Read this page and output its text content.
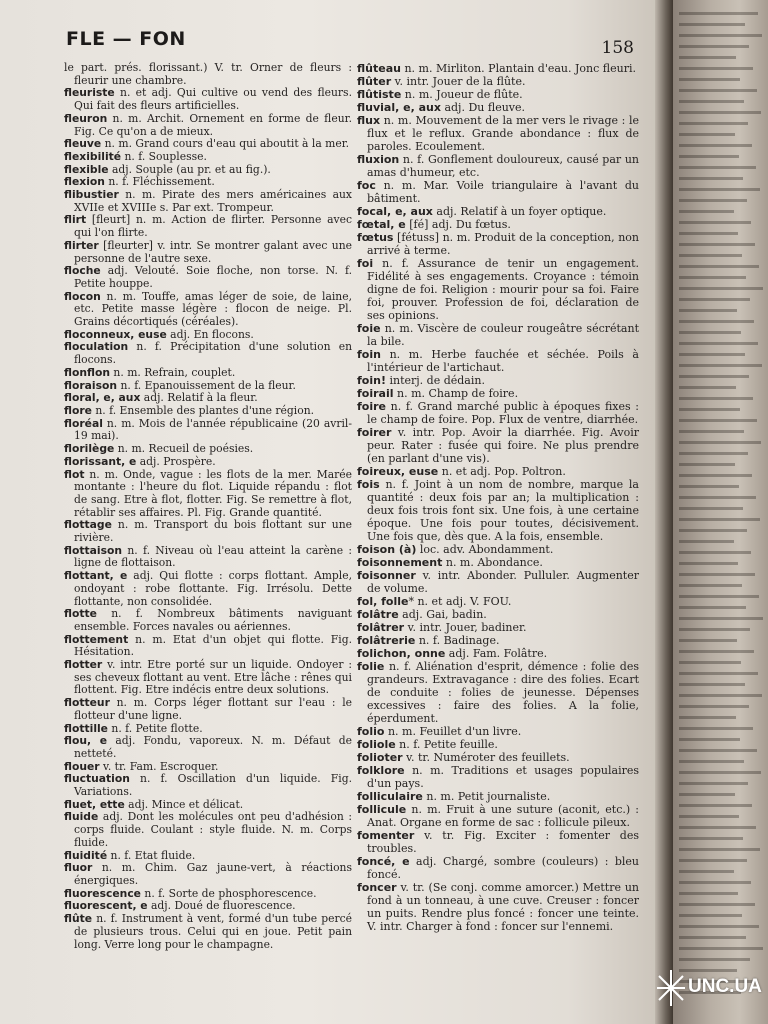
FLE — FON	158

le part. prés. florissant.) V. tr. Orner de fleurs : fleurir une chambre.

fleuriste n. et adj. Qui cultive ou vend des fleurs. Qui fait des fleurs artificielles.

fleuron n. m. Archit. Ornement en forme de fleur. Fig. Ce qu'on a de mieux.

fleuve n. m. Grand cours d'eau qui aboutit à la mer.

flexibilité n. f. Souplesse.

flexible adj. Souple (au pr. et au fig.).

flexion n. f. Fléchissement.

flibustier n. m. Pirate des mers américaines aux XVIIe et XVIIIe s. Par ext. Trompeur.

flirt [fleurt] n. m. Action de flirter. Personne avec qui l'on flirte.

flirter [fleurter] v. intr. Se montrer galant avec une personne de l'autre sexe.

floche adj. Velouté. Soie floche, non torse. N. f. Petite houppe.

flocon n. m. Touffe, amas léger de soie, de laine, etc. Petite masse légère : flocon de neige. Pl. Grains décortiqués (céréales).

floconneux, euse adj. En flocons.

floculation n. f. Précipitation d'une solution en flocons.

flonflon n. m. Refrain, couplet.

floraison n. f. Epanouissement de la fleur.

floral, e, aux adj. Relatif à la fleur.

flore n. f. Ensemble des plantes d'une région.

floréal n. m. Mois de l'année républicaine (20 avril-19 mai).

florilège n. m. Recueil de poésies.

florissant, e adj. Prospère.

flot n. m. Onde, vague : les flots de la mer. Marée montante : l'heure du flot. Liquide répandu : flot de sang. Etre à flot, flotter. Fig. Se remettre à flot, rétablir ses affaires. Pl. Fig. Grande quantité.

flottage n. m. Transport du bois flottant sur une rivière.

flottaison n. f. Niveau où l'eau atteint la carène : ligne de flottaison.

flottant, e adj. Qui flotte : corps flottant. Ample, ondoyant : robe flottante. Fig. Irrésolu. Dette flottante, non consolidée.

flotte n. f. Nombreux bâtiments naviguant ensemble. Forces navales ou aériennes.

flottement n. m. Etat d'un objet qui flotte. Fig. Hésitation.

flotter v. intr. Etre porté sur un liquide. Ondoyer : ses cheveux flottant au vent. Etre lâche : rênes qui flottent. Fig. Etre indécis entre deux solutions.

flotteur n. m. Corps léger flottant sur l'eau : le flotteur d'une ligne.

flottille n. f. Petite flotte.

flou, e adj. Fondu, vaporeux. N. m. Défaut de netteté.

flouer v. tr. Fam. Escroquer.

fluctuation n. f. Oscillation d'un liquide. Fig. Variations.

fluet, ette adj. Mince et délicat.

fluide adj. Dont les molécules ont peu d'adhésion : corps fluide. Coulant : style fluide. N. m. Corps fluide.

fluidité n. f. Etat fluide.

fluor n. m. Chim. Gaz jaune-vert, à réactions énergiques.

fluorescence n. f. Sorte de phosphorescence.

fluorescent, e adj. Doué de fluorescence.

flûte n. f. Instrument à vent, formé d'un tube percé de plusieurs trous. Celui qui en joue. Petit pain long. Verre long pour le champagne.

flûteau n. m. Mirliton. Plantain d'eau. Jonc fleuri.

flûter v. intr. Jouer de la flûte.

flûtiste n. m. Joueur de flûte.

fluvial, e, aux adj. Du fleuve.

flux n. m. Mouvement de la mer vers le rivage : le flux et le reflux. Grande abondance : flux de paroles. Ecoulement.

fluxion n. f. Gonflement douloureux, causé par un amas d'humeur, etc.

foc n. m. Mar. Voile triangulaire à l'avant du bâtiment.

focal, e, aux adj. Relatif à un foyer optique.

fœtal, e [fé] adj. Du fœtus.

fœtus [fétuss] n. m. Produit de la conception, non arrivé à terme.

foi n. f. Assurance de tenir un engagement. Fidélité à ses engagements. Croyance : témoin digne de foi. Religion : mourir pour sa foi. Faire foi, prouver. Profession de foi, déclaration de ses opinions.

foie n. m. Viscère de couleur rougeâtre sécrétant la bile.

foin n. m. Herbe fauchée et séchée. Poils à l'intérieur de l'artichaut.

foin! interj. de dédain.

foirail n. m. Champ de foire.

foire n. f. Grand marché public à époques fixes : le champ de foire. Pop. Flux de ventre, diarrhée.

foirer v. intr. Pop. Avoir la diarrhée. Fig. Avoir peur. Rater : fusée qui foire. Ne plus prendre (en parlant d'une vis).

foireux, euse n. et adj. Pop. Poltron.

fois n. f. Joint à un nom de nombre, marque la quantité : deux fois par an; la multiplication : deux fois trois font six. Une fois, à une certaine époque. Une fois pour toutes, décisivement. Une fois que, dès que. A la fois, ensemble.

foison (à) loc. adv. Abondamment.

foisonnement n. m. Abondance.

foisonner v. intr. Abonder. Pulluler. Augmenter de volume.

fol, folle* n. et adj. V. FOU.

folâtre adj. Gai, badin.

folâtrer v. intr. Jouer, badiner.

folâtrerie n. f. Badinage.

folichon, onne adj. Fam. Folâtre.

folie n. f. Aliénation d'esprit, démence : folie des grandeurs. Extravagance : dire des folies. Ecart de conduite : folies de jeunesse. Dépenses excessives : faire des folies. A la folie, éperdument.

folio n. m. Feuillet d'un livre.

foliole n. f. Petite feuille.

folioter v. tr. Numéroter des feuillets.

folklore n. m. Traditions et usages populaires d'un pays.

folliculaire n. m. Petit journaliste.

follicule n. m. Fruit à une suture (aconit, etc.) : Anat. Organe en forme de sac : follicule pileux.

fomenter v. tr. Fig. Exciter : fomenter des troubles.

foncé, e adj. Chargé, sombre (couleurs) : bleu foncé.

foncer v. tr. (Se conj. comme amorcer.) Mettre un fond à un tonneau, à une cuve. Creuser : foncer un puits. Rendre plus foncé : foncer une teinte. V. intr. Charger à fond : foncer sur l'ennemi.

UNC.UA
